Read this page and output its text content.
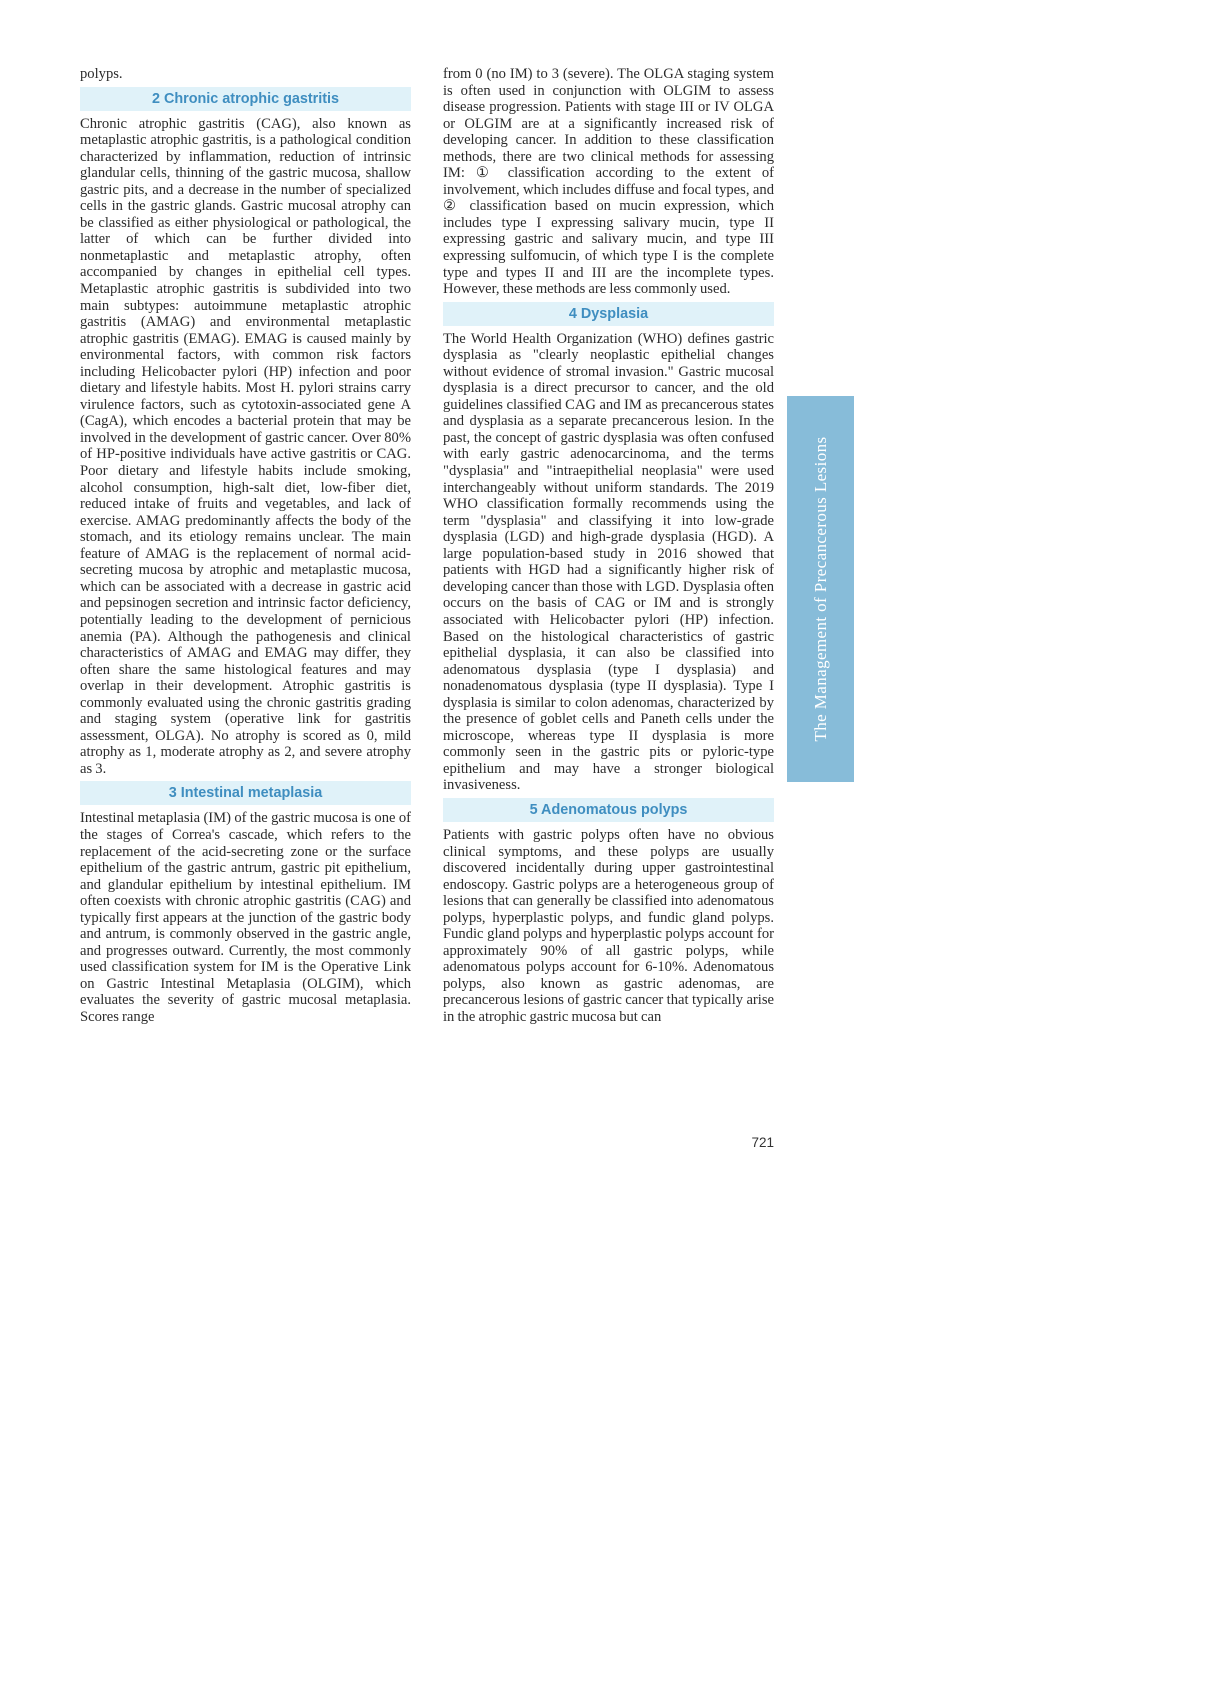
polyps.

2 Chronic atrophic gastritis

Chronic atrophic gastritis (CAG), also known as metaplastic atrophic gastritis, is a pathological condition characterized by inflammation, reduction of intrinsic glandular cells, thinning of the gastric mucosa, shallow gastric pits, and a decrease in the number of specialized cells in the gastric glands. Gastric mucosal atrophy can be classified as either physiological or pathological, the latter of which can be further divided into nonmetaplastic and metaplastic atrophy, often accompanied by changes in epithelial cell types. Metaplastic atrophic gastritis is subdivided into two main subtypes: autoimmune metaplastic atrophic gastritis (AMAG) and environmental metaplastic atrophic gastritis (EMAG). EMAG is caused mainly by environmental factors, with common risk factors including Helicobacter pylori (HP) infection and poor dietary and lifestyle habits. Most H. pylori strains carry virulence factors, such as cytotoxin-associated gene A (CagA), which encodes a bacterial protein that may be involved in the development of gastric cancer. Over 80% of HP-positive individuals have active gastritis or CAG. Poor dietary and lifestyle habits include smoking, alcohol consumption, high-salt diet, low-fiber diet, reduced intake of fruits and vegetables, and lack of exercise. AMAG predominantly affects the body of the stomach, and its etiology remains unclear. The main feature of AMAG is the replacement of normal acid-secreting mucosa by atrophic and metaplastic mucosa, which can be associated with a decrease in gastric acid and pepsinogen secretion and intrinsic factor deficiency, potentially leading to the development of pernicious anemia (PA). Although the pathogenesis and clinical characteristics of AMAG and EMAG may differ, they often share the same histological features and may overlap in their development. Atrophic gastritis is commonly evaluated using the chronic gastritis grading and staging system (operative link for gastritis assessment, OLGA). No atrophy is scored as 0, mild atrophy as 1, moderate atrophy as 2, and severe atrophy as 3.

3 Intestinal metaplasia

Intestinal metaplasia (IM) of the gastric mucosa is one of the stages of Correa's cascade, which refers to the replacement of the acid-secreting zone or the surface epithelium of the gastric antrum, gastric pit epithelium, and glandular epithelium by intestinal epithelium. IM often coexists with chronic atrophic gastritis (CAG) and typically first appears at the junction of the gastric body and antrum, is commonly observed in the gastric angle, and progresses outward. Currently, the most commonly used classification system for IM is the Operative Link on Gastric Intestinal Metaplasia (OLGIM), which evaluates the severity of gastric mucosal metaplasia. Scores range

from 0 (no IM) to 3 (severe). The OLGA staging system is often used in conjunction with OLGIM to assess disease progression. Patients with stage III or IV OLGA or OLGIM are at a significantly increased risk of developing cancer. In addition to these classification methods, there are two clinical methods for assessing IM: ① classification according to the extent of involvement, which includes diffuse and focal types, and ② classification based on mucin expression, which includes type I expressing salivary mucin, type II expressing gastric and salivary mucin, and type III expressing sulfomucin, of which type I is the complete type and types II and III are the incomplete types. However, these methods are less commonly used.

4 Dysplasia

The World Health Organization (WHO) defines gastric dysplasia as "clearly neoplastic epithelial changes without evidence of stromal invasion." Gastric mucosal dysplasia is a direct precursor to cancer, and the old guidelines classified CAG and IM as precancerous states and dysplasia as a separate precancerous lesion. In the past, the concept of gastric dysplasia was often confused with early gastric adenocarcinoma, and the terms "dysplasia" and "intraepithelial neoplasia" were used interchangeably without uniform standards. The 2019 WHO classification formally recommends using the term "dysplasia" and classifying it into low-grade dysplasia (LGD) and high-grade dysplasia (HGD). A large population-based study in 2016 showed that patients with HGD had a significantly higher risk of developing cancer than those with LGD. Dysplasia often occurs on the basis of CAG or IM and is strongly associated with Helicobacter pylori (HP) infection. Based on the histological characteristics of gastric epithelial dysplasia, it can also be classified into adenomatous dysplasia (type I dysplasia) and nonadenomatous dysplasia (type II dysplasia). Type I dysplasia is similar to colon adenomas, characterized by the presence of goblet cells and Paneth cells under the microscope, whereas type II dysplasia is more commonly seen in the gastric pits or pyloric-type epithelium and may have a stronger biological invasiveness.

5 Adenomatous polyps

Patients with gastric polyps often have no obvious clinical symptoms, and these polyps are usually discovered incidentally during upper gastrointestinal endoscopy. Gastric polyps are a heterogeneous group of lesions that can generally be classified into adenomatous polyps, hyperplastic polyps, and fundic gland polyps. Fundic gland polyps and hyperplastic polyps account for approximately 90% of all gastric polyps, while adenomatous polyps account for 6-10%. Adenomatous polyps, also known as gastric adenomas, are precancerous lesions of gastric cancer that typically arise in the atrophic gastric mucosa but can

The Management of Precancerous Lesions
721
